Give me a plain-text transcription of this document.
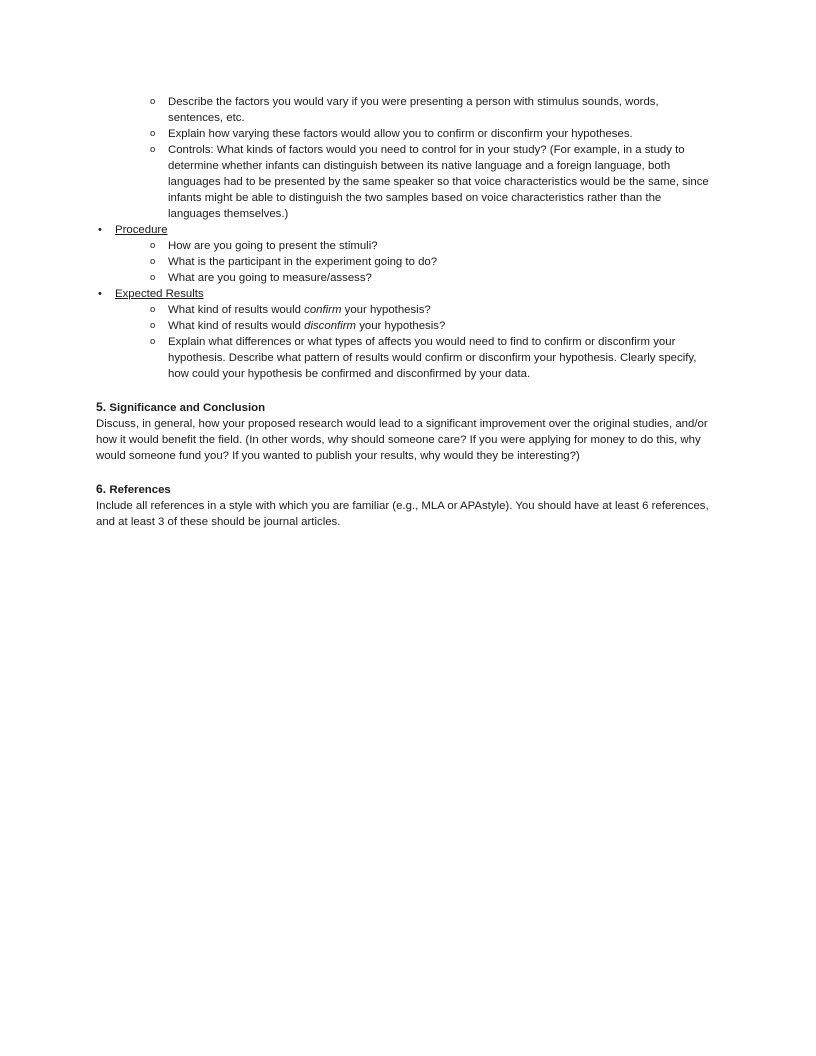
o Describe the factors you would vary if you were presenting a person with stimulus sounds, words, sentences, etc.
o Explain how varying these factors would allow you to confirm or disconfirm your hypotheses.
o Controls: What kinds of factors would you need to control for in your study? (For example, in a study to determine whether infants can distinguish between its native language and a foreign language, both languages had to be presented by the same speaker so that voice characteristics would be the same, since infants might be able to distinguish the two samples based on voice characteristics rather than the languages themselves.)
• Procedure
o How are you going to present the stimuli?
o What is the participant in the experiment going to do?
o What are you going to measure/assess?
• Expected Results
o What kind of results would confirm your hypothesis?
o What kind of results would disconfirm your hypothesis?
o Explain what differences or what types of affects you would need to find to confirm or disconfirm your hypothesis. Describe what pattern of results would confirm or disconfirm your hypothesis. Clearly specify, how could your hypothesis be confirmed and disconfirmed by your data.
5. Significance and Conclusion
Discuss, in general, how your proposed research would lead to a significant improvement over the original studies, and/or how it would benefit the field. (In other words, why should someone care? If you were applying for money to do this, why would someone fund you? If you wanted to publish your results, why would they be interesting?)
6. References
Include all references in a style with which you are familiar (e.g., MLA or APAstyle). You should have at least 6 references, and at least 3 of these should be journal articles.
